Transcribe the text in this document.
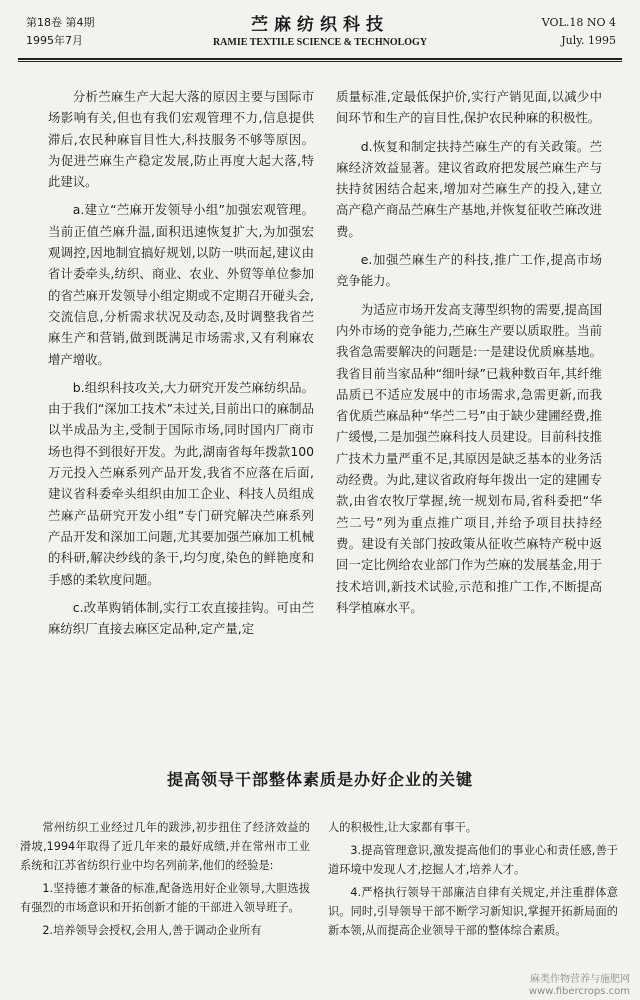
第18卷 第4期
1995年7月
苎麻纺织科技
RAMIE TEXTILE SCIENCE & TECHNOLOGY
VOL.18 NO 4
July. 1995

分析苎麻生产大起大落的原因主要与国际市场影响有关,但也有我们宏观管理不力,信息提供滞后,农民种麻盲目性大,科技服务不够等原因。为促进苎麻生产稳定发展,防止再度大起大落,特此建议。

a.建立“苎麻开发领导小组”加强宏观管理。当前正值苎麻升温,面积迅速恢复扩大,为加强宏观调控,因地制宜搞好规划,以防一哄而起,建议由省计委牵头,纺织、商业、农业、外贸等单位参加的省苎麻开发领导小组定期或不定期召开碰头会,交流信息,分析需求状况及动态,及时调整我省苎麻生产和营销,做到既满足市场需求,又有利麻农增产增收。

b.组织科技攻关,大力研究开发苎麻纺织品。由于我们“深加工技术”未过关,目前出口的麻制品以半成品为主,受制于国际市场,同时国内厂商市场也得不到很好开发。为此,湖南省每年拨款100万元投入苎麻系列产品开发,我省不应落在后面,建议省科委牵头组织由加工企业、科技人员组成苎麻产品研究开发小组”专门研究解决苎麻系列产品开发和深加工问题,尤其要加强苎麻加工机械的科研,解决纱线的条干,均匀度,染色的鲜艳度和手感的柔软度问题。

c.改革购销体制,实行工农直接挂钩。可由苎麻纺织厂直接去麻区定品种,定产量,定

质量标准,定最低保护价,实行产销见面,以减少中间环节和生产的盲目性,保护农民种麻的积极性。

d.恢复和制定扶持苎麻生产的有关政策。苎麻经济效益显著。建议省政府把发展苎麻生产与扶持贫困结合起来,增加对苎麻生产的投入,建立高产稳产商品苎麻生产基地,并恢复征收苎麻改进费。

e.加强苎麻生产的科技,推广工作,提高市场竞争能力。

为适应市场开发高支薄型织物的需要,提高国内外市场的竞争能力,苎麻生产要以质取胜。当前我省急需要解决的问题是:一是建设优质麻基地。我省目前当家品种“细叶绿”已栽种数百年,其纤维品质已不适应发展中的市场需求,急需更新,而我省优质苎麻品种“华苎二号”由于缺少建圃经费,推广缓慢,二是加强苎麻科技人员建设。目前科技推广技术力量严重不足,其原因是缺乏基本的业务活动经费。为此,建议省政府每年拨出一定的建圃专款,由省农牧厅掌握,统一规划布局,省科委把“华苎二号”列为重点推广项目,并给予项目扶持经费。建设有关部门按政策从征收苎麻特产税中返回一定比例给农业部门作为苎麻的发展基金,用于技术培训,新技术试验,示范和推广工作,不断提高科学植麻水平。

提高领导干部整体素质是办好企业的关键

常州纺织工业经过几年的跋涉,初步扭住了经济效益的滑坡,1994年取得了近几年来的最好成绩,并在常州市工业系统和江苏省纺织行业中均名列前茅,他们的经验是:

1.坚持德才兼备的标准,配备选用好企业领导,大胆选拔有强烈的市场意识和开拓创新才能的干部进入领导班子。

2.培养领导会授权,会用人,善于调动企业所有

人的积极性,让大家都有事干。

3.提高管理意识,激发提高他们的事业心和责任感,善于道环境中发现人才,挖掘人才,培养人才。

4.严格执行领导干部廉洁自律有关规定,并注重群体意识。同时,引导领导干部不断学习新知识,掌握开拓新局面的新本领,从而提高企业领导干部的整体综合素质。

麻类作物营养与施肥网
www.fibercrops.com
